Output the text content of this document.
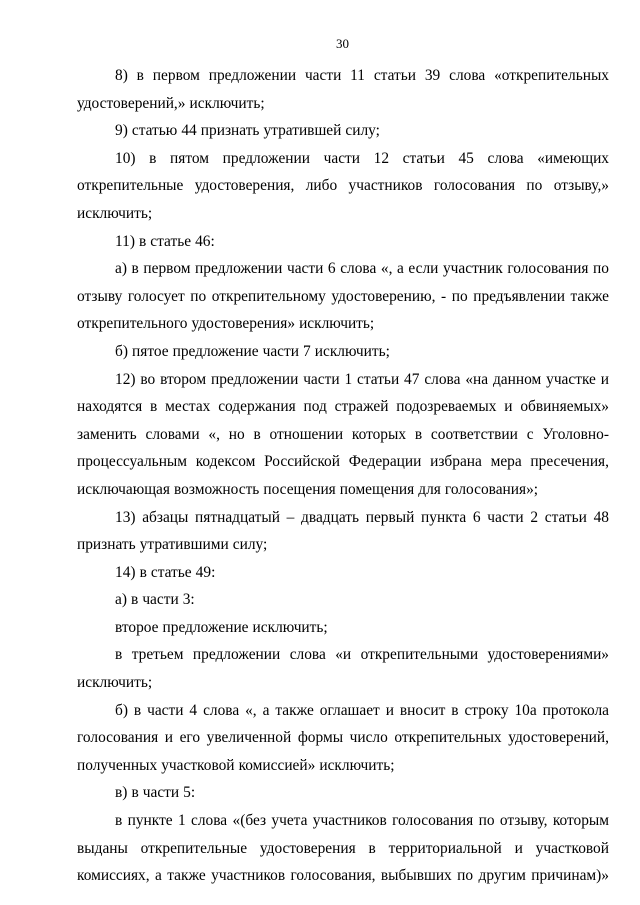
30

8) в первом предложении части 11 статьи 39 слова «открепительных удостоверений,» исключить;

9) статью 44 признать утратившей силу;

10) в пятом предложении части 12 статьи 45 слова «имеющих открепительные удостоверения, либо участников голосования по отзыву,» исключить;

11) в статье 46:

а) в первом предложении части 6 слова «, а если участник голосования по отзыву голосует по открепительному удостоверению, - по предъявлении также открепительного удостоверения» исключить;

б) пятое предложение части 7 исключить;

12) во втором предложении части 1 статьи 47 слова «на данном участке и находятся в местах содержания под стражей подозреваемых и обвиняемых» заменить словами «, но в отношении которых в соответствии с Уголовно-процессуальным кодексом Российской Федерации избрана мера пресечения, исключающая возможность посещения помещения для голосования»;

13) абзацы пятнадцатый – двадцать первый пункта 6 части 2 статьи 48 признать утратившими силу;

14) в статье 49:

а) в части 3:

второе предложение исключить;

в третьем предложении слова «и открепительными удостоверениями» исключить;

б) в части 4 слова «, а также оглашает и вносит в строку 10а протокола голосования и его увеличенной формы число открепительных удостоверений, полученных участковой комиссией» исключить;

в) в части 5:

в пункте 1 слова «(без учета участников голосования по отзыву, которым выданы открепительные удостоверения в территориальной и участковой комиссиях, а также участников голосования, выбывших по другим причинам)»
